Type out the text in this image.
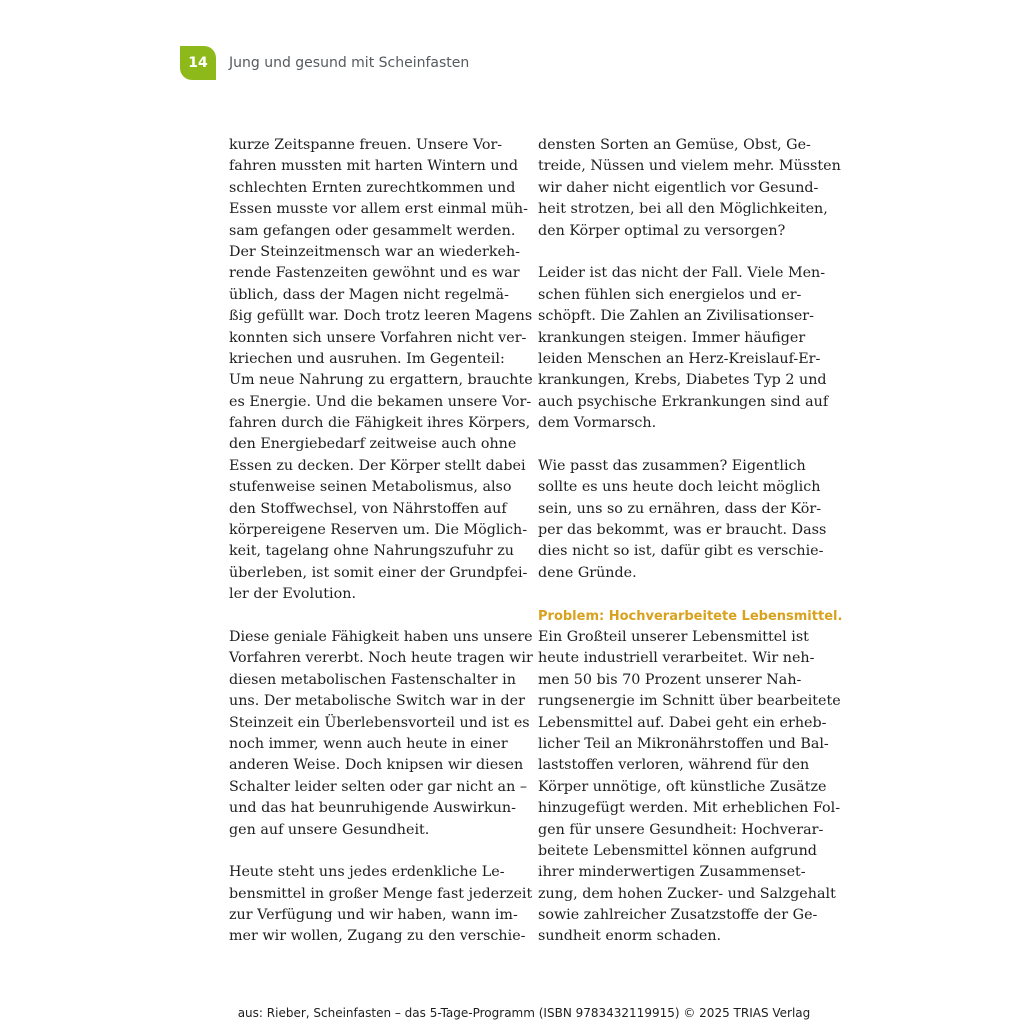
14	Jung und gesund mit Scheinfasten
kurze Zeitspanne freuen. Unsere Vor-
fahren mussten mit harten Wintern und
schlechten Ernten zurechtkommen und
Essen musste vor allem erst einmal müh-
sam gefangen oder gesammelt werden.
Der Steinzeitmensch war an wiederkeh-
rende Fastenzeiten gewöhnt und es war
üblich, dass der Magen nicht regelmä-
ßig gefüllt war. Doch trotz leeren Magens
konnten sich unsere Vorfahren nicht ver-
kriechen und ausruhen. Im Gegenteil:
Um neue Nahrung zu ergattern, brauchte
es Energie. Und die bekamen unsere Vor-
fahren durch die Fähigkeit ihres Körpers,
den Energiebedarf zeitweise auch ohne
Essen zu decken. Der Körper stellt dabei
stufenweise seinen Metabolismus, also
den Stoffwechsel, von Nährstoffen auf
körpereigene Reserven um. Die Möglich-
keit, tagelang ohne Nahrungszufuhr zu
überleben, ist somit einer der Grundpfei-
ler der Evolution.
Diese geniale Fähigkeit haben uns unsere
Vorfahren vererbt. Noch heute tragen wir
diesen metabolischen Fastenschalter in
uns. Der metabolische Switch war in der
Steinzeit ein Überlebensvorteil und ist es
noch immer, wenn auch heute in einer
anderen Weise. Doch knipsen wir diesen
Schalter leider selten oder gar nicht an –
und das hat beunruhigende Auswirkun-
gen auf unsere Gesundheit.
Heute steht uns jedes erdenkliche Le-
bensmittel in großer Menge fast jederzeit
zur Verfügung und wir haben, wann im-
mer wir wollen, Zugang zu den verschie-
densten Sorten an Gemüse, Obst, Ge-
treide, Nüssen und vielem mehr. Müssten
wir daher nicht eigentlich vor Gesund-
heit strotzen, bei all den Möglichkeiten,
den Körper optimal zu versorgen?
Leider ist das nicht der Fall. Viele Men-
schen fühlen sich energielos und er-
schöpft. Die Zahlen an Zivilisationser-
krankungen steigen. Immer häufiger
leiden Menschen an Herz-Kreislauf-Er-
krankungen, Krebs, Diabetes Typ 2 und
auch psychische Erkrankungen sind auf
dem Vormarsch.
Wie passt das zusammen? Eigentlich
sollte es uns heute doch leicht möglich
sein, uns so zu ernähren, dass der Kör-
per das bekommt, was er braucht. Dass
dies nicht so ist, dafür gibt es verschie-
dene Gründe.
Problem: Hochverarbeitete Lebensmittel.
Ein Großteil unserer Lebensmittel ist
heute industriell verarbeitet. Wir neh-
men 50 bis 70 Prozent unserer Nah-
rungsenergie im Schnitt über bearbeitete
Lebensmittel auf. Dabei geht ein erheb-
licher Teil an Mikronährstoffen und Bal-
laststoffen verloren, während für den
Körper unnötige, oft künstliche Zusätze
hinzugefügt werden. Mit erheblichen Fol-
gen für unsere Gesundheit: Hochverar-
beitete Lebensmittel können aufgrund
ihrer minderwertigen Zusammenset-
zung, dem hohen Zucker- und Salzgehalt
sowie zahlreicher Zusatzstoffe der Ge-
sundheit enorm schaden.
aus: Rieber, Scheinfasten – das 5-Tage-Programm (ISBN 9783432119915) © 2025 TRIAS Verlag
